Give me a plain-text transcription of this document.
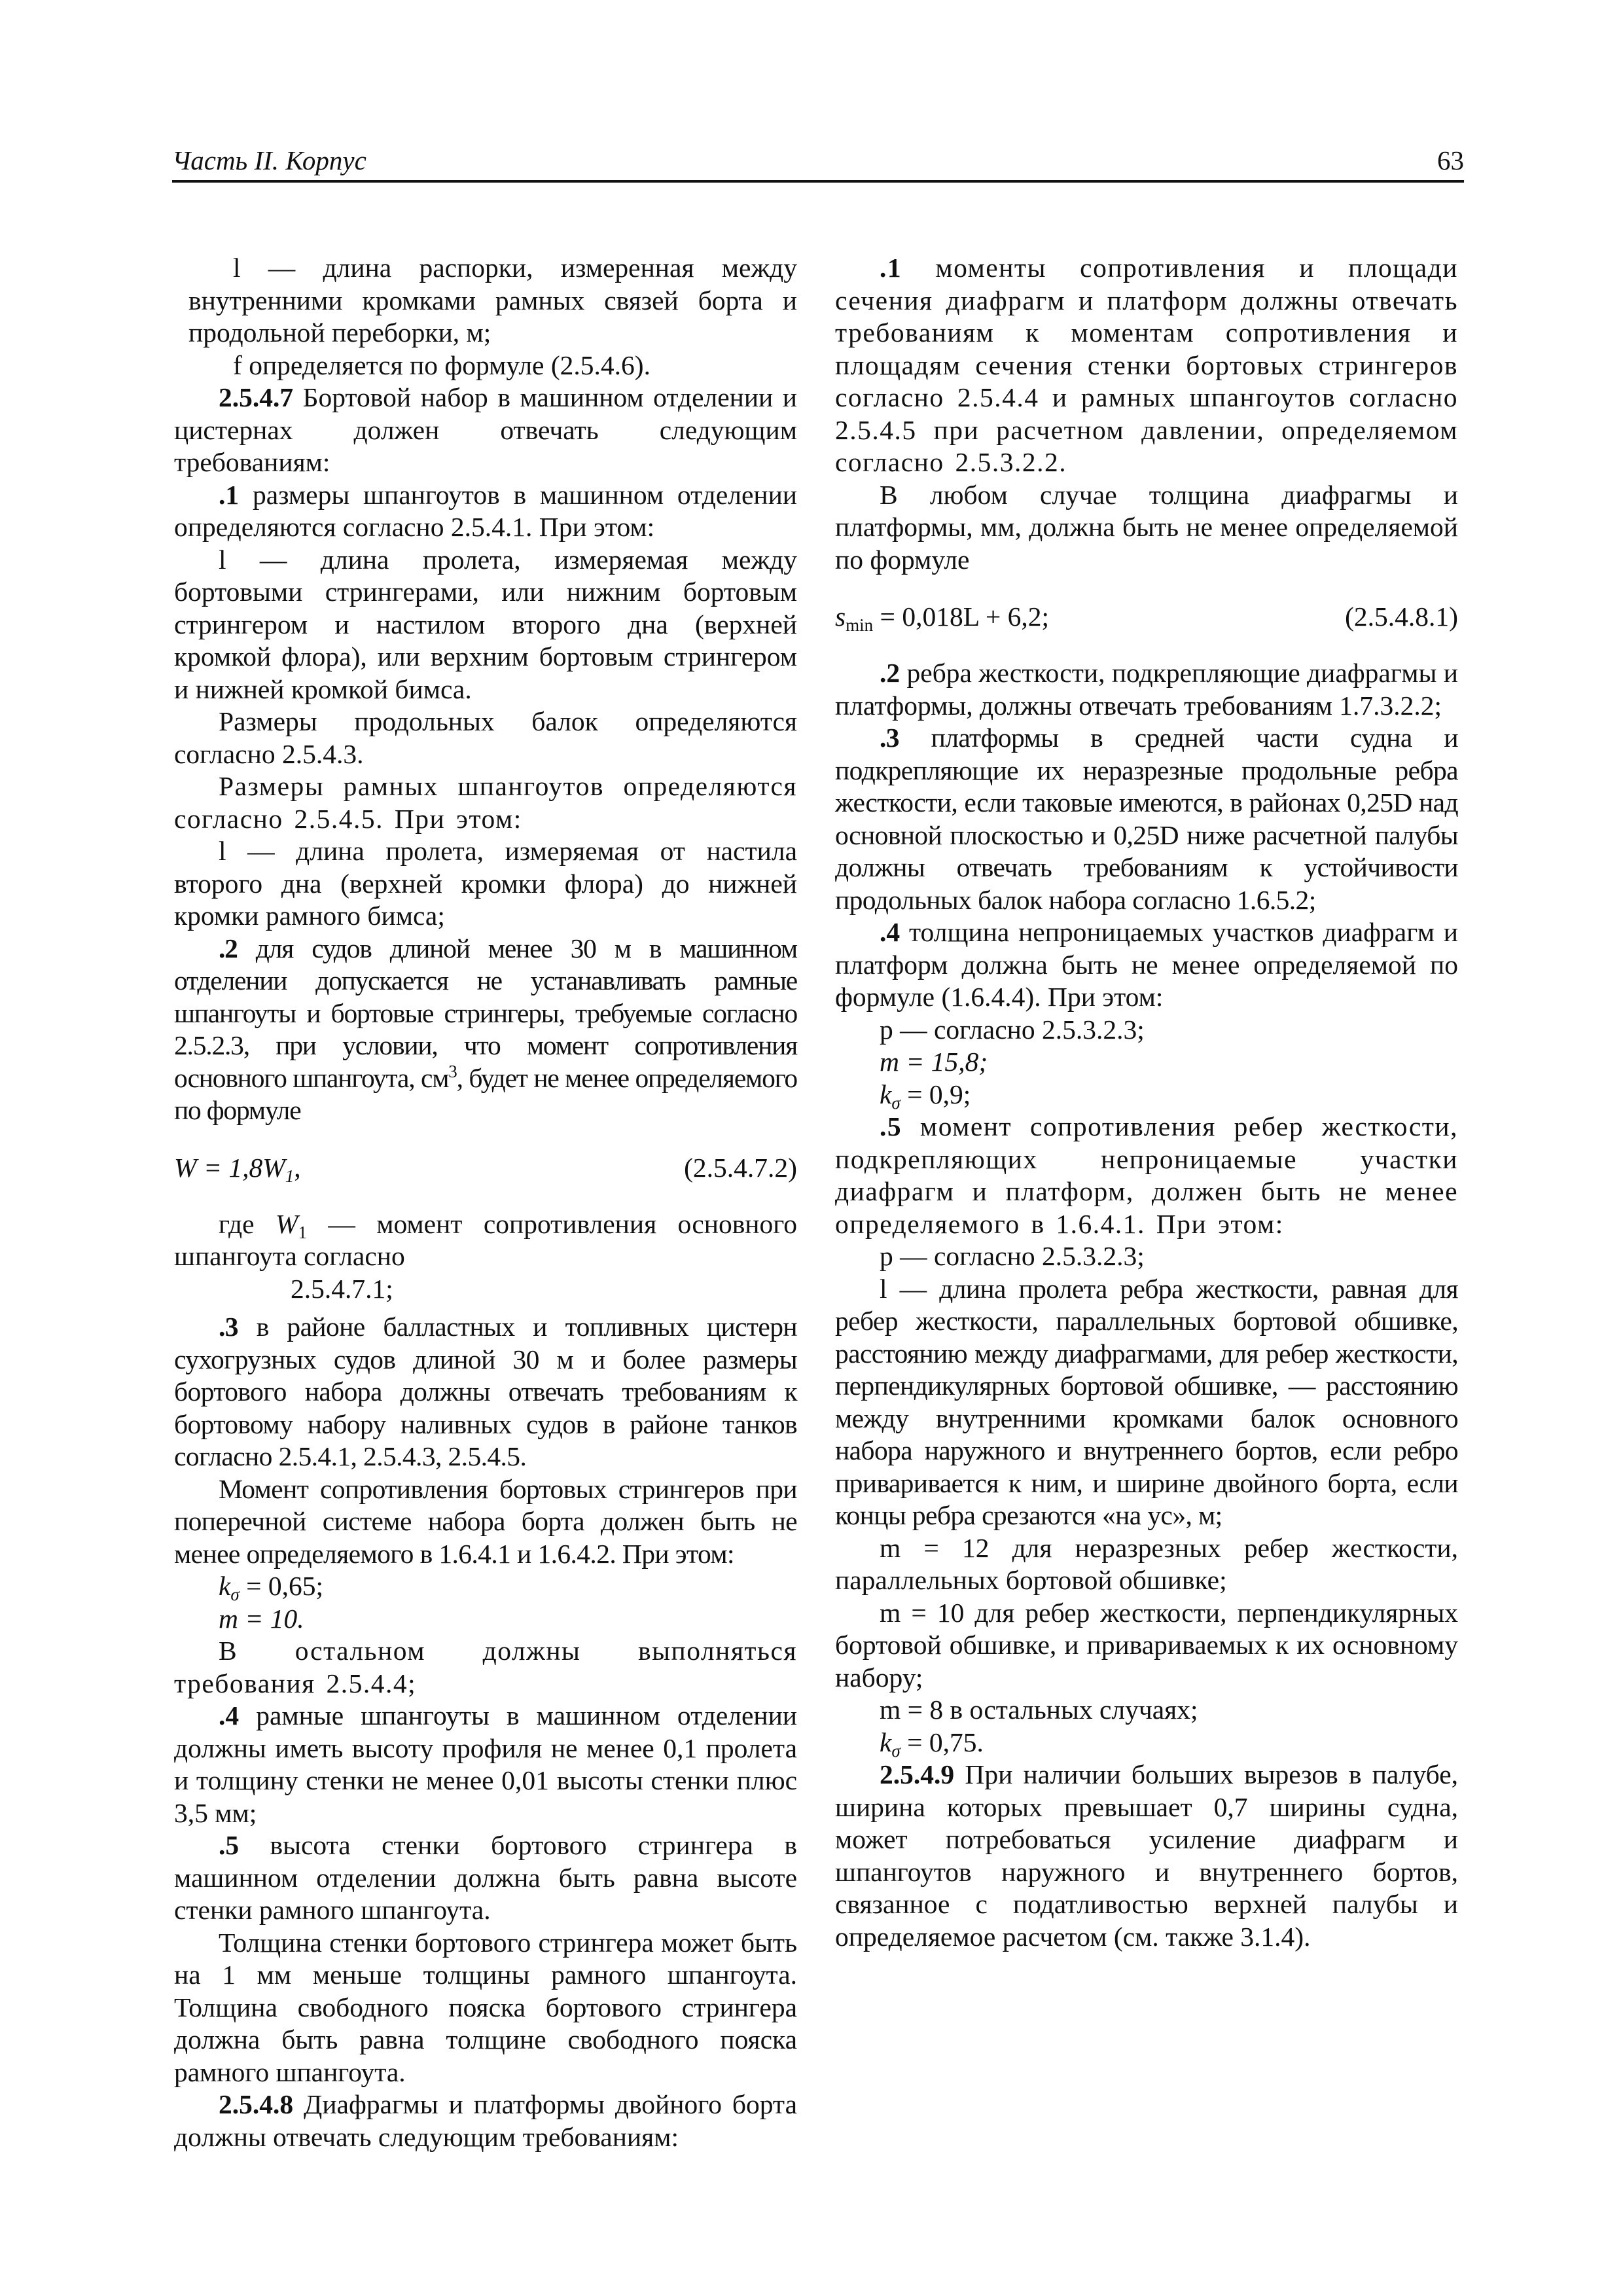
Часть II. Корпус	63

l — длина распорки, измеренная между внутренними кромками рамных связей борта и продольной переборки, м;

f определяется по формуле (2.5.4.6).

2.5.4.7 Бортовой набор в машинном отделении и цистернах должен отвечать следующим требованиям:

.1 размеры шпангоутов в машинном отделении определяются согласно 2.5.4.1. При этом:

l — длина пролета, измеряемая между бортовыми стрингерами, или нижним бортовым стрингером и настилом второго дна (верхней кромкой флора), или верхним бортовым стрингером и нижней кромкой бимса.

Размеры продольных балок определяются согласно 2.5.4.3.

Размеры рамных шпангоутов определяются согласно 2.5.4.5. При этом:

l — длина пролета, измеряемая от настила второго дна (верхней кромки флора) до нижней кромки рамного бимса;

.2 для судов длиной менее 30 м в машинном отделении допускается не устанавливать рамные шпангоуты и бортовые стрингеры, требуемые согласно 2.5.2.3, при условии, что момент сопротивления основного шпангоута, $см^3$, будет не менее определяемого по формуле

$W = 1,8W_1$,	(2.5.4.7.2)

где $W_1$ — момент сопротивления основного шпангоута согласно
2.5.4.7.1;

.3 в районе балластных и топливных цистерн сухогрузных судов длиной 30 м и более размеры бортового набора должны отвечать требованиям к бортовому набору наливных судов в районе танков согласно 2.5.4.1, 2.5.4.3, 2.5.4.5.

Момент сопротивления бортовых стрингеров при поперечной системе набора борта должен быть не менее определяемого в 1.6.4.1 и 1.6.4.2. При этом:

$k_\sigma = 0,65$;

m = 10.

В остальном должны выполняться требования 2.5.4.4;

.4 рамные шпангоуты в машинном отделении должны иметь высоту профиля не менее 0,1 пролета и толщину стенки не менее 0,01 высоты стенки плюс 3,5 мм;

.5 высота стенки бортового стрингера в машинном отделении должна быть равна высоте стенки рамного шпангоута.

Толщина стенки бортового стрингера может быть на 1 мм меньше толщины рамного шпангоута. Толщина свободного пояска бортового стрингера должна быть равна толщине свободного пояска рамного шпангоута.

2.5.4.8 Диафрагмы и платформы двойного борта должны отвечать следующим требованиям:

.1 моменты сопротивления и площади сечения диафрагм и платформ должны отвечать требованиям к моментам сопротивления и площадям сечения стенки бортовых стрингеров согласно 2.5.4.4 и рамных шпангоутов согласно 2.5.4.5 при расчетном давлении, определяемом согласно 2.5.3.2.2.

В любом случае толщина диафрагмы и платформы, мм, должна быть не менее определяемой по формуле

$s_{min} = 0,018L + 6,2$;	(2.5.4.8.1)

.2 ребра жесткости, подкрепляющие диафрагмы и платформы, должны отвечать требованиям 1.7.3.2.2;

.3 платформы в средней части судна и подкрепляющие их неразрезные продольные ребра жесткости, если таковые имеются, в районах 0,25D над основной плоскостью и 0,25D ниже расчетной палубы должны отвечать требованиям к устойчивости продольных балок набора согласно 1.6.5.2;

.4 толщина непроницаемых участков диафрагм и платформ должна быть не менее определяемой по формуле (1.6.4.4). При этом:

p — согласно 2.5.3.2.3;

m = 15,8;

$k_\sigma = 0,9$;

.5 момент сопротивления ребер жесткости, подкрепляющих непроницаемые участки диафрагм и платформ, должен быть не менее определяемого в 1.6.4.1. При этом:

p — согласно 2.5.3.2.3;

l — длина пролета ребра жесткости, равная для ребер жесткости, параллельных бортовой обшивке, расстоянию между диафрагмами, для ребер жесткости, перпендикулярных бортовой обшивке, — расстоянию между внутренними кромками балок основного набора наружного и внутреннего бортов, если ребро приваривается к ним, и ширине двойного борта, если концы ребра срезаются «на ус», м;

m = 12 для неразрезных ребер жесткости, параллельных бортовой обшивке;

m = 10 для ребер жесткости, перпендикулярных бортовой обшивке, и привариваемых к их основному набору;

m = 8 в остальных случаях;

$k_\sigma = 0,75$.

2.5.4.9 При наличии больших вырезов в палубе, ширина которых превышает 0,7 ширины судна, может потребоваться усиление диафрагм и шпангоутов наружного и внутреннего бортов, связанное с податливостью верхней палубы и определяемое расчетом (см. также 3.1.4).
